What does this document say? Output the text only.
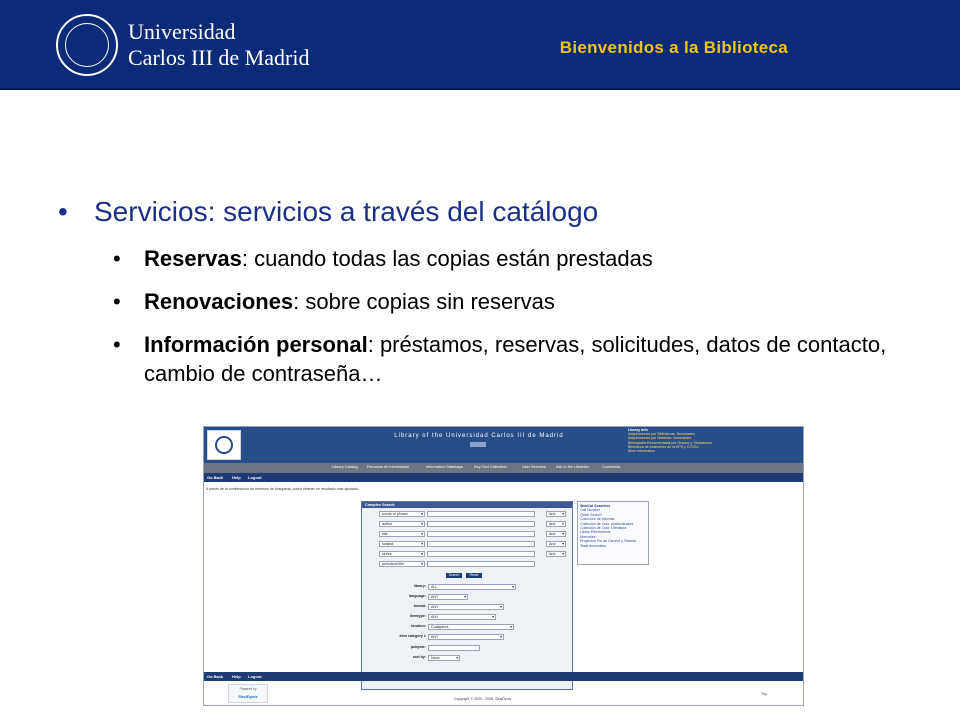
Universidad
Carlos III de Madrid	Bienvenidos a la Biblioteca
• Servicios: servicios a través del catálogo
• Reservas: cuando todas las copias están prestadas
• Renovaciones: sobre copias sin reservas
• Información personal: préstamos, reservas, solicitudes, datos de contacto, cambio de contraseña…
Library of the Universidad Carlos III de Madrid
Library Info
Adquisiciones por Bibliotecas: Novedades
Adquisiciones por Materias: Novedades
Bibliografía Recomendada por Grados y Titulaciones
Biblioteca de exámenes de la EPS y CCSSJ
More information
Library Catalog Recursos de Información	Information Gateways	Key-Text Collection	User Services	Ask to the Librarian	Comments
Go Back Help Logout
A través de la combinación de términos de búsqueda, podrá obtener un resultado más ajustado.
Complex Search
words or phrase ▾	And ▾
author ▾	And ▾
title ▾	And ▾
subject ▾	And ▾
series ▾	And ▾
periodical title ▾
Search	Reset
library:	ALL ▾
language:	ANY ▾
format:	ANY ▾
itemtype:	ANY ▾
location:	Cualquiera ▾
item category I:	ANY ▾
pubyear:
sort by:	None ▾
WebCat Searches
Call Number
Quick Search
Colección de Idiomas
Colección de Ocio: Audiovisuales
Colección de Ocio: Literatura
Libros Electrónicos
Manuales
Proyectos Fin de Carrera y Tesinas
Tesis doctorales
Go Back Help Logout
Powered by
SirsiDynix	Copyright © 2000 - 2008, SirsiDynix
Top
